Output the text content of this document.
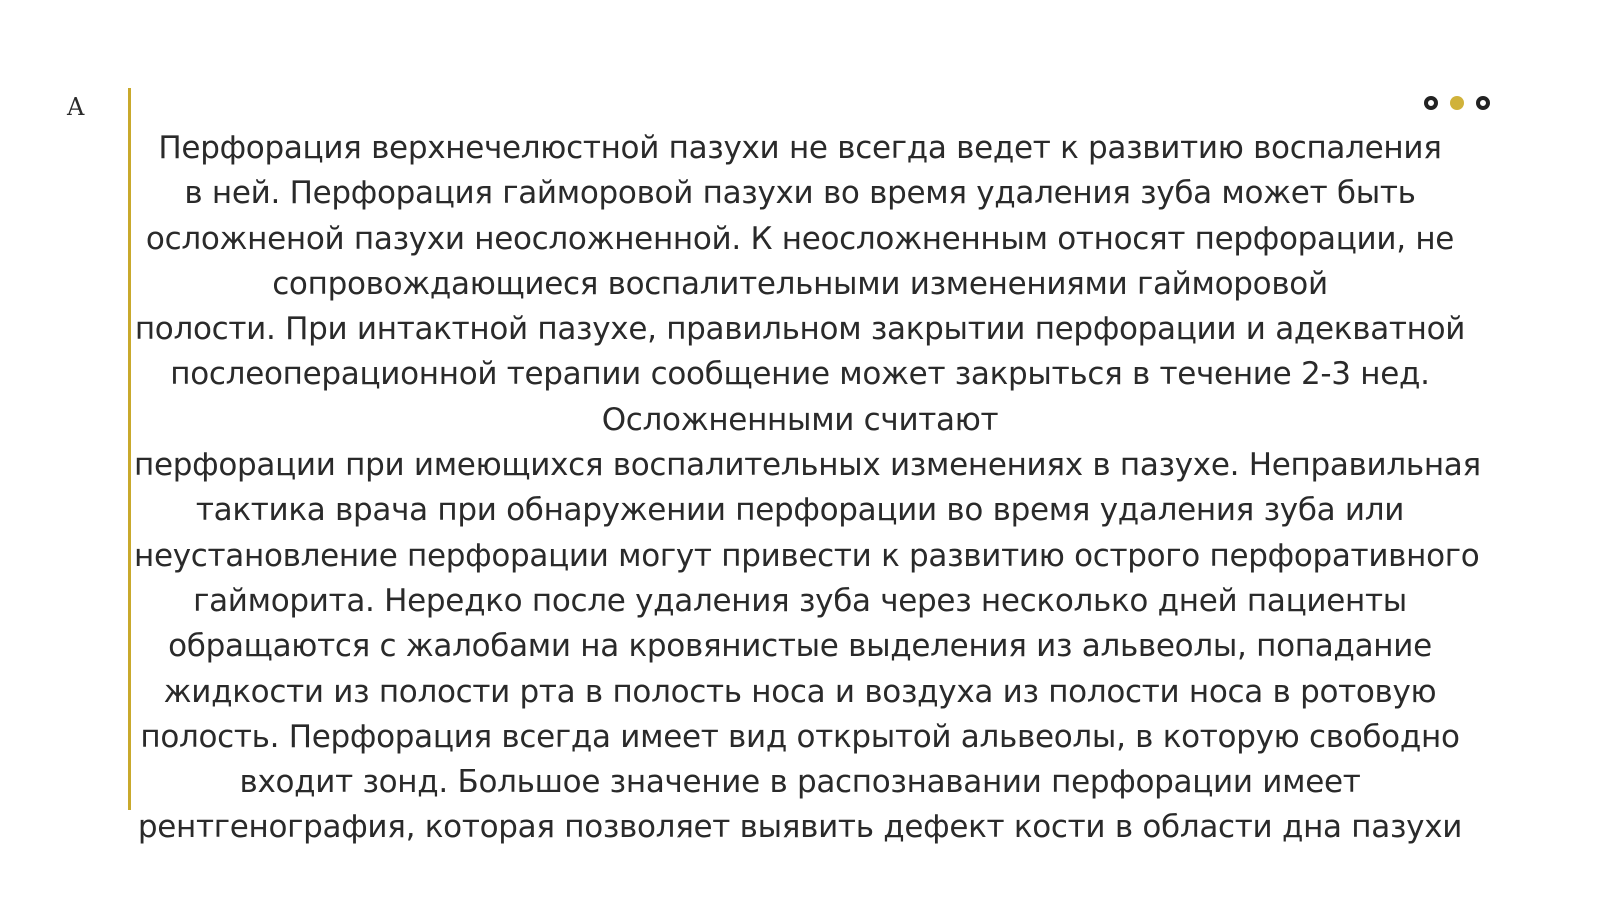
A

Перфорация верхнечелюстной пазухи не всегда ведет к развитию воспаления
в ней. Перфорация гайморовой пазухи во время удаления зуба может быть
осложненой пазухи неосложненной. К неосложненным относят перфорации, не
сопровождающиеся воспалительными изменениями гайморовой
полости. При интактной пазухе, правильном закрытии перфорации и адекватной
послеоперационной терапии сообщение может закрыться в течение 2-3 нед.
Осложненными считают
перфорации при имеющихся воспалительных изменениях в пазухе. Неправильная
тактика врача при обнаружении перфорации во время удаления зуба или
неустановление перфорации могут привести к развитию острого перфоративного
гайморита. Нередко после удаления зуба через несколько дней пациенты
обращаются с жалобами на кровянистые выделения из альвеолы, попадание
жидкости из полости рта в полость носа и воздуха из полости носа в ротовую
полость. Перфорация всегда имеет вид открытой альвеолы, в которую свободно
входит зонд. Большое значение в распознавании перфорации имеет
рентгенография, которая позволяет выявить дефект кости в области дна пазухи
